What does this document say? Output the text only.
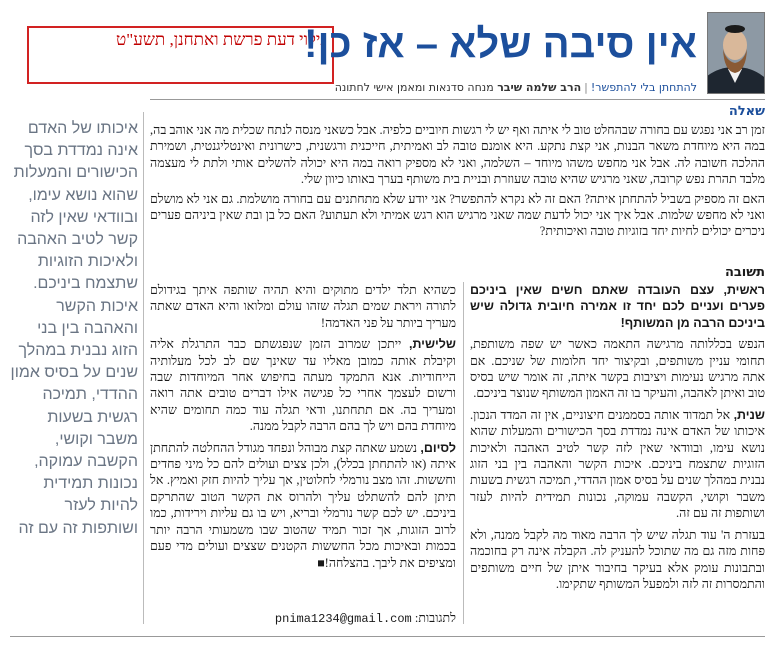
גילוי דעת פרשת ואתחנן, תשע"ט
אין סיבה שלא – אז כן!
להתחתן בלי להתפשר!|הרב שלמה שיבר מנחה סדנאות ומאמן אישי לחתונה
שאלה

זמן רב אני נפגש עם בחורה שבהחלט טוב לי איתה ואף יש לי רגשות חיוביים כלפיה. אבל כשאני מנסה לנתח שכלית מה אני אוהב בה, במה היא מיוחדת משאר הבנות, אני קצת נתקע. היא אומנם טובה לב ואמיתית, חייכנית ורגשנית, כישרונית ואינטליגנטית, ושמירת ההלכה חשובה לה. אבל אני מחפש משהו מיוחד – השלמה, ואני לא מספיק רואה במה היא יכולה להשלים אותי ולתת לי מעצמה מלבד תהרת נפש קרובה, שאני מרגיש שהיא טובה שעוזרת ובניית בית משותף בערך באותו כיוון שלי.

האם זה מספיק בשביל להתחתן איתה? האם זה לא נקרא להתפשר? אני יודע שלא מתחתנים עם בחורה מושלמת. גם אני לא מושלם ואני לא מחפש שלמות. אבל איך אני יכול לדעת שמה שאני מרגיש הוא רגש אמיתי ולא תעתוע? האם כל בן ובת שאין ביניהם פערים ניכרים יכולים לחיות יחד בזוגיות טובה ואיכותית?

תשובה

ראשית, עצם העובדה שאתם חשים שאין ביניכם פערים ועניים לכם יחד זו אמירה חיובית גדולה שיש ביניכם הרבה מן המשותף!

הנפש בכללותה מרגישה התאמה כאשר יש שפה משותפת, תחומי עניין משותפים, ובקיצור יחד חלומות של שניכם. אם אתה מרגיש נעימות ויציבות בקשר איתה, זה אומר שיש בסיס טוב ואיתן לאהבה, והעיקר בו זה האמון המשותף שנוצר ביניכם.

שנית, אל תמדוד אותה בסממנים חיצוניים, אין זה המדד הנכון. איכותו של האדם אינה נמדדת בסך הכישורים והמעלות שהוא נושא עימו, ובוודאי שאין לזה קשר לטיב האהבה ולאיכות הזוגיות שתצמח ביניכם. איכות הקשר והאהבה בין בני הזוג נבנית במהלך שנים על בסיס אמון ההדדי, תמיכה רגשית בשעות משבר וקושי, הקשבה עמוקה, נכונות תמידית להיות לעזר ושותפות זה עם זה.

בעזרת ה' עוד תגלה שיש לך הרבה מאוד מה לקבל ממנה, ולא פחות מזה גם מה שתוכל להעניק לה. הקבלה אינה רק בחוכמה ובתבונות עומק אלא בעיקר בחיבור איתן של חיים משותפים והתמסרות זה לזה ולמפעל המשותף שתקימו.

כשהיא תלד ילדים מתוקים והיא תהיה שותפה איתך בגידולם לתורה ויראת שמים תגלה שזהו עולם ומלואו והיא האדם שאתה מעריך ביותר על פני האדמה!

שלישית, ייתכן שמרוב הזמן שנפגשתם כבר התרגלת אליה וקיבלת אותה כמובן מאליו עד שאינך שם לב לכל מעלותיה הייחודיות. אנא התמקד מעתה בחיפוש אחר המיוחדות שבה ורשום לעצמך אחרי כל פגישה אילו דברים טובים אתה רואה ומעריך בה. אם תתחתנו, ודאי תגלה עוד כמה תחומים שהיא מיוחדת בהם ויש לך בהם הרבה לקבל ממנה.

לסיום, נשמע שאתה קצת מבוהל ונפחד מגודל ההחלטה להתחתן איתה (או להתחתן בכלל), ולכן צצים ועולים להם כל מיני פחדים וחששות. זהו מצב נורמלי לחלוטין, אך עליך להיות חזק ואמיץ. אל תיתן להם להשתלט עליך ולהרוס את הקשר הטוב שהתרקם ביניכם. יש לכם קשר נורמלי ובריא, ויש בו גם עליות וירידות, כמו לרוב הזוגות, אך זכור תמיד שהטוב שבו משמעותי הרבה יותר בכמות ובאיכות מכל החששות הקטנים שצצים ועולים מדי פעם ומציפים את ליבך. בהצלחה!■

לתגובות: pnima1234@gmail.com
איכותו של האדם אינה נמדדת בסך הכישורים והמעלות שהוא נושא עימו, ובוודאי שאין לזה קשר לטיב האהבה ולאיכות הזוגיות שתצמח ביניכם. איכות הקשר והאהבה בין בני הזוג נבנית במהלך שנים על בסיס אמון ההדדי, תמיכה רגשית בשעות משבר וקושי, הקשבה עמוקה, נכונות תמידית להיות לעזר ושותפות זה עם זה
